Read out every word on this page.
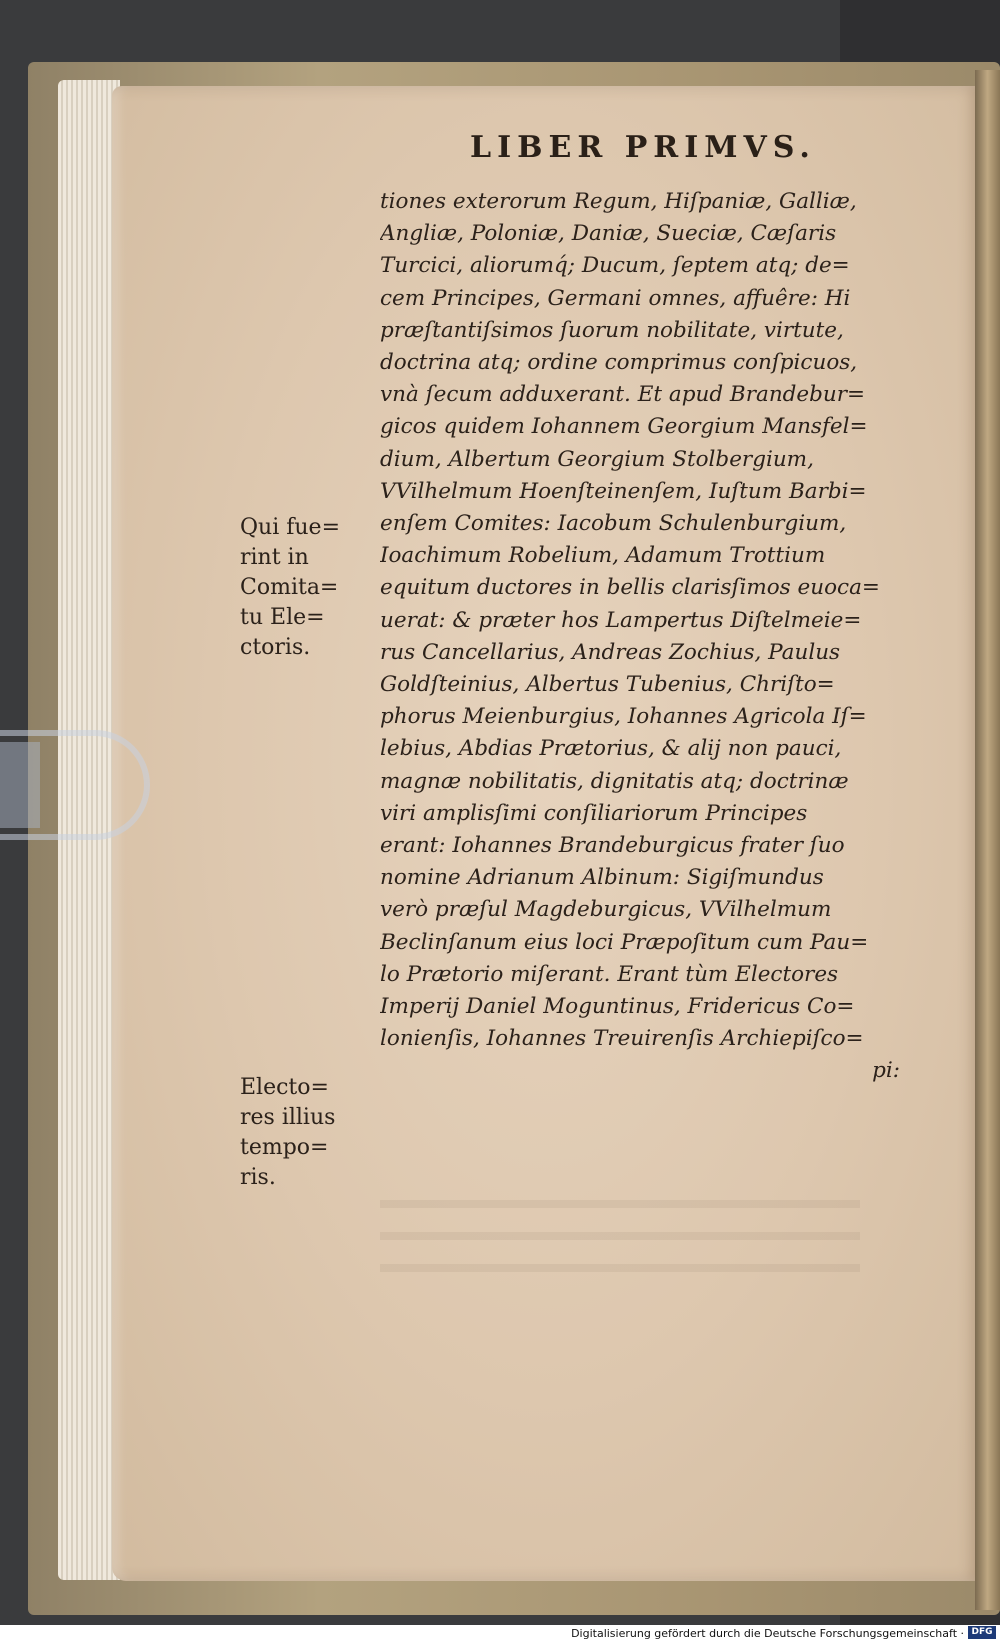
LIBER PRIMVS.
tiones exterorum Regum, Hiſpaniæ, Galliæ,
Angliæ, Poloniæ, Daniæ, Sueciæ, Cæſaris
Turcici, aliorumq́; Ducum, ſeptem atq; de=
cem Principes, Germani omnes, affuêre: Hi
præſtantiſsimos ſuorum nobilitate, virtute,
doctrina atq; ordine comprimus conſpicuos,
vnà ſecum adduxerant. Et apud Brandebur=
gicos quidem Iohannem Georgium Mansfel=
dium, Albertum Georgium Stolbergium,
VVilhelmum Hoenſteinenſem, Iuſtum Barbi=
enſem Comites: Iacobum Schulenburgium,
Ioachimum Robelium, Adamum Trottium
equitum ductores in bellis clarisſimos euoca=
uerat: & præter hos Lampertus Diſtelmeie=
rus Cancellarius, Andreas Zochius, Paulus
Goldſteinius, Albertus Tubenius, Chriſto=
phorus Meienburgius, Iohannes Agricola Iſ=
lebius, Abdias Prætorius, & alij non pauci,
magnæ nobilitatis, dignitatis atq; doctrinæ
viri amplisſimi conſiliariorum Principes
erant: Iohannes Brandeburgicus frater ſuo
nomine Adrianum Albinum: Sigiſmundus
verò præſul Magdeburgicus, VVilhelmum
Beclinſanum eius loci Præpoſitum cum Pau=
lo Prætorio miſerant. Erant tùm Electores
Imperij Daniel Moguntinus, Fridericus Co=
lonienſis, Iohannes Treuirenſis Archiepiſco=
pi:
Qui fue=
rint in
Comita=
tu Ele=
ctoris.
Electo=
res illius
tempo=
ris.
Digitalisierung gefördert durch die Deutsche Forschungsgemeinschaft · DFG
